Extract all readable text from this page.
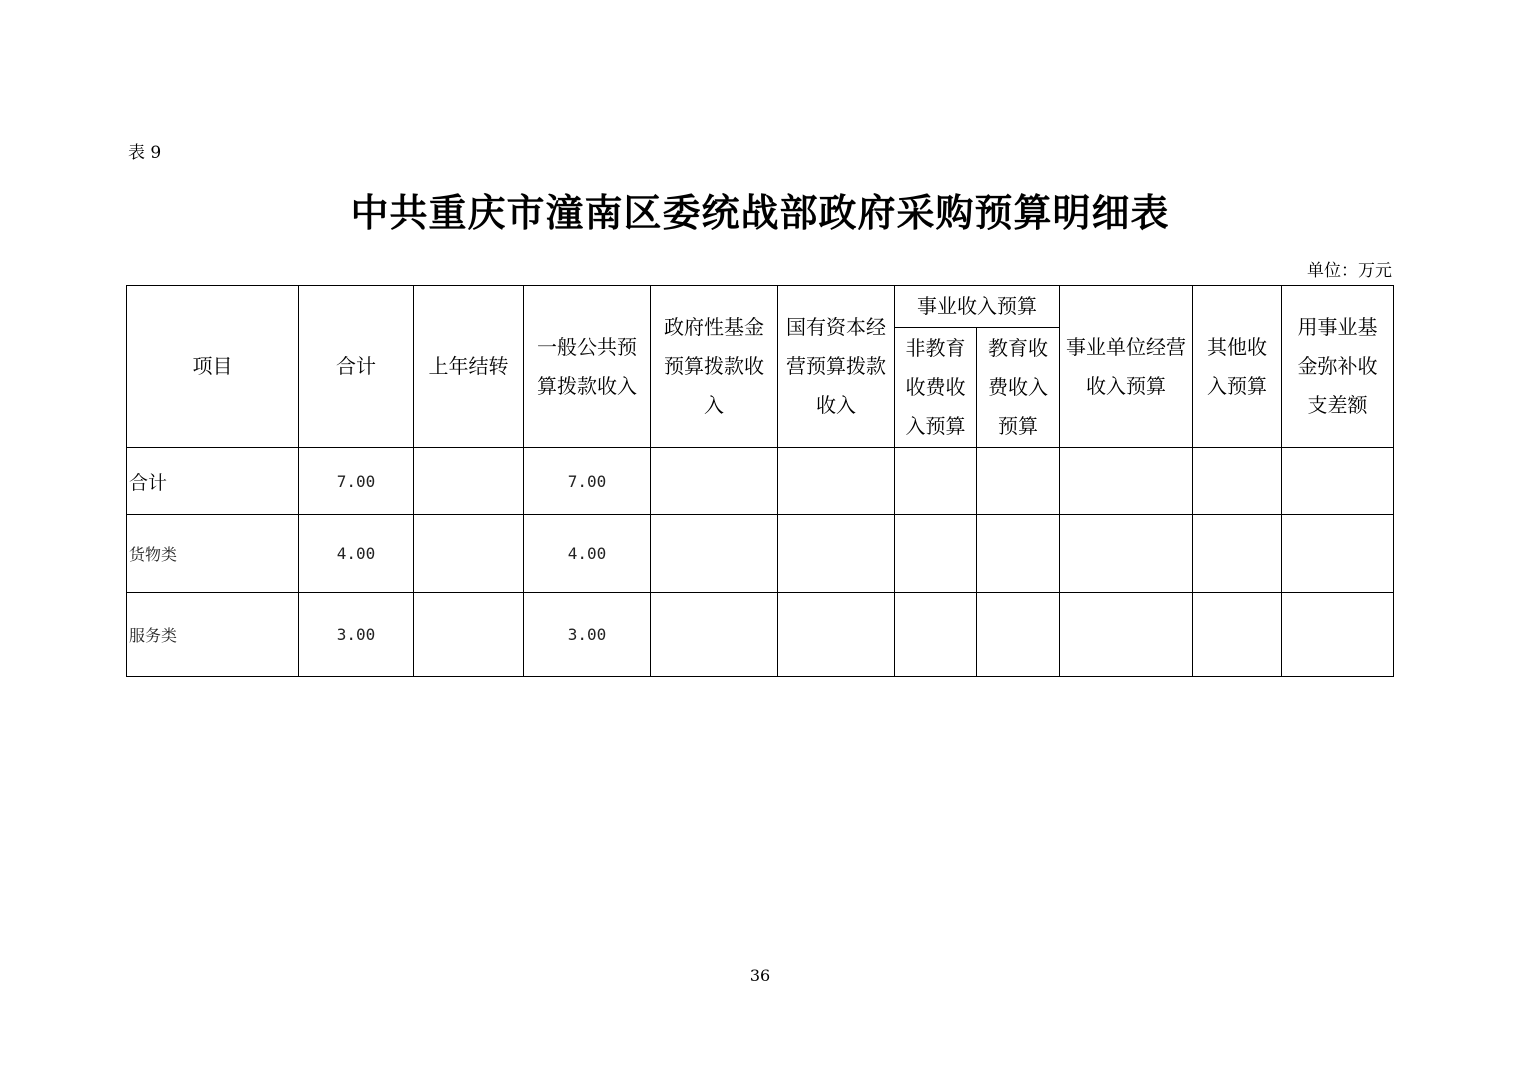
表 9
中共重庆市潼南区委统战部政府采购预算明细表
单位：万元
项目	合计	上年结转	一般公共预算拨款收入	政府性基金预算拨款收入	国有资本经营预算拨款收入	事业收入预算		事业单位经营收入预算	其他收入预算	用事业基金弥补收支差额
						非教育收费收入预算	教育收费收入预算			
合计	7.00		7.00							
货物类	4.00		4.00							
服务类	3.00		3.00							
36
